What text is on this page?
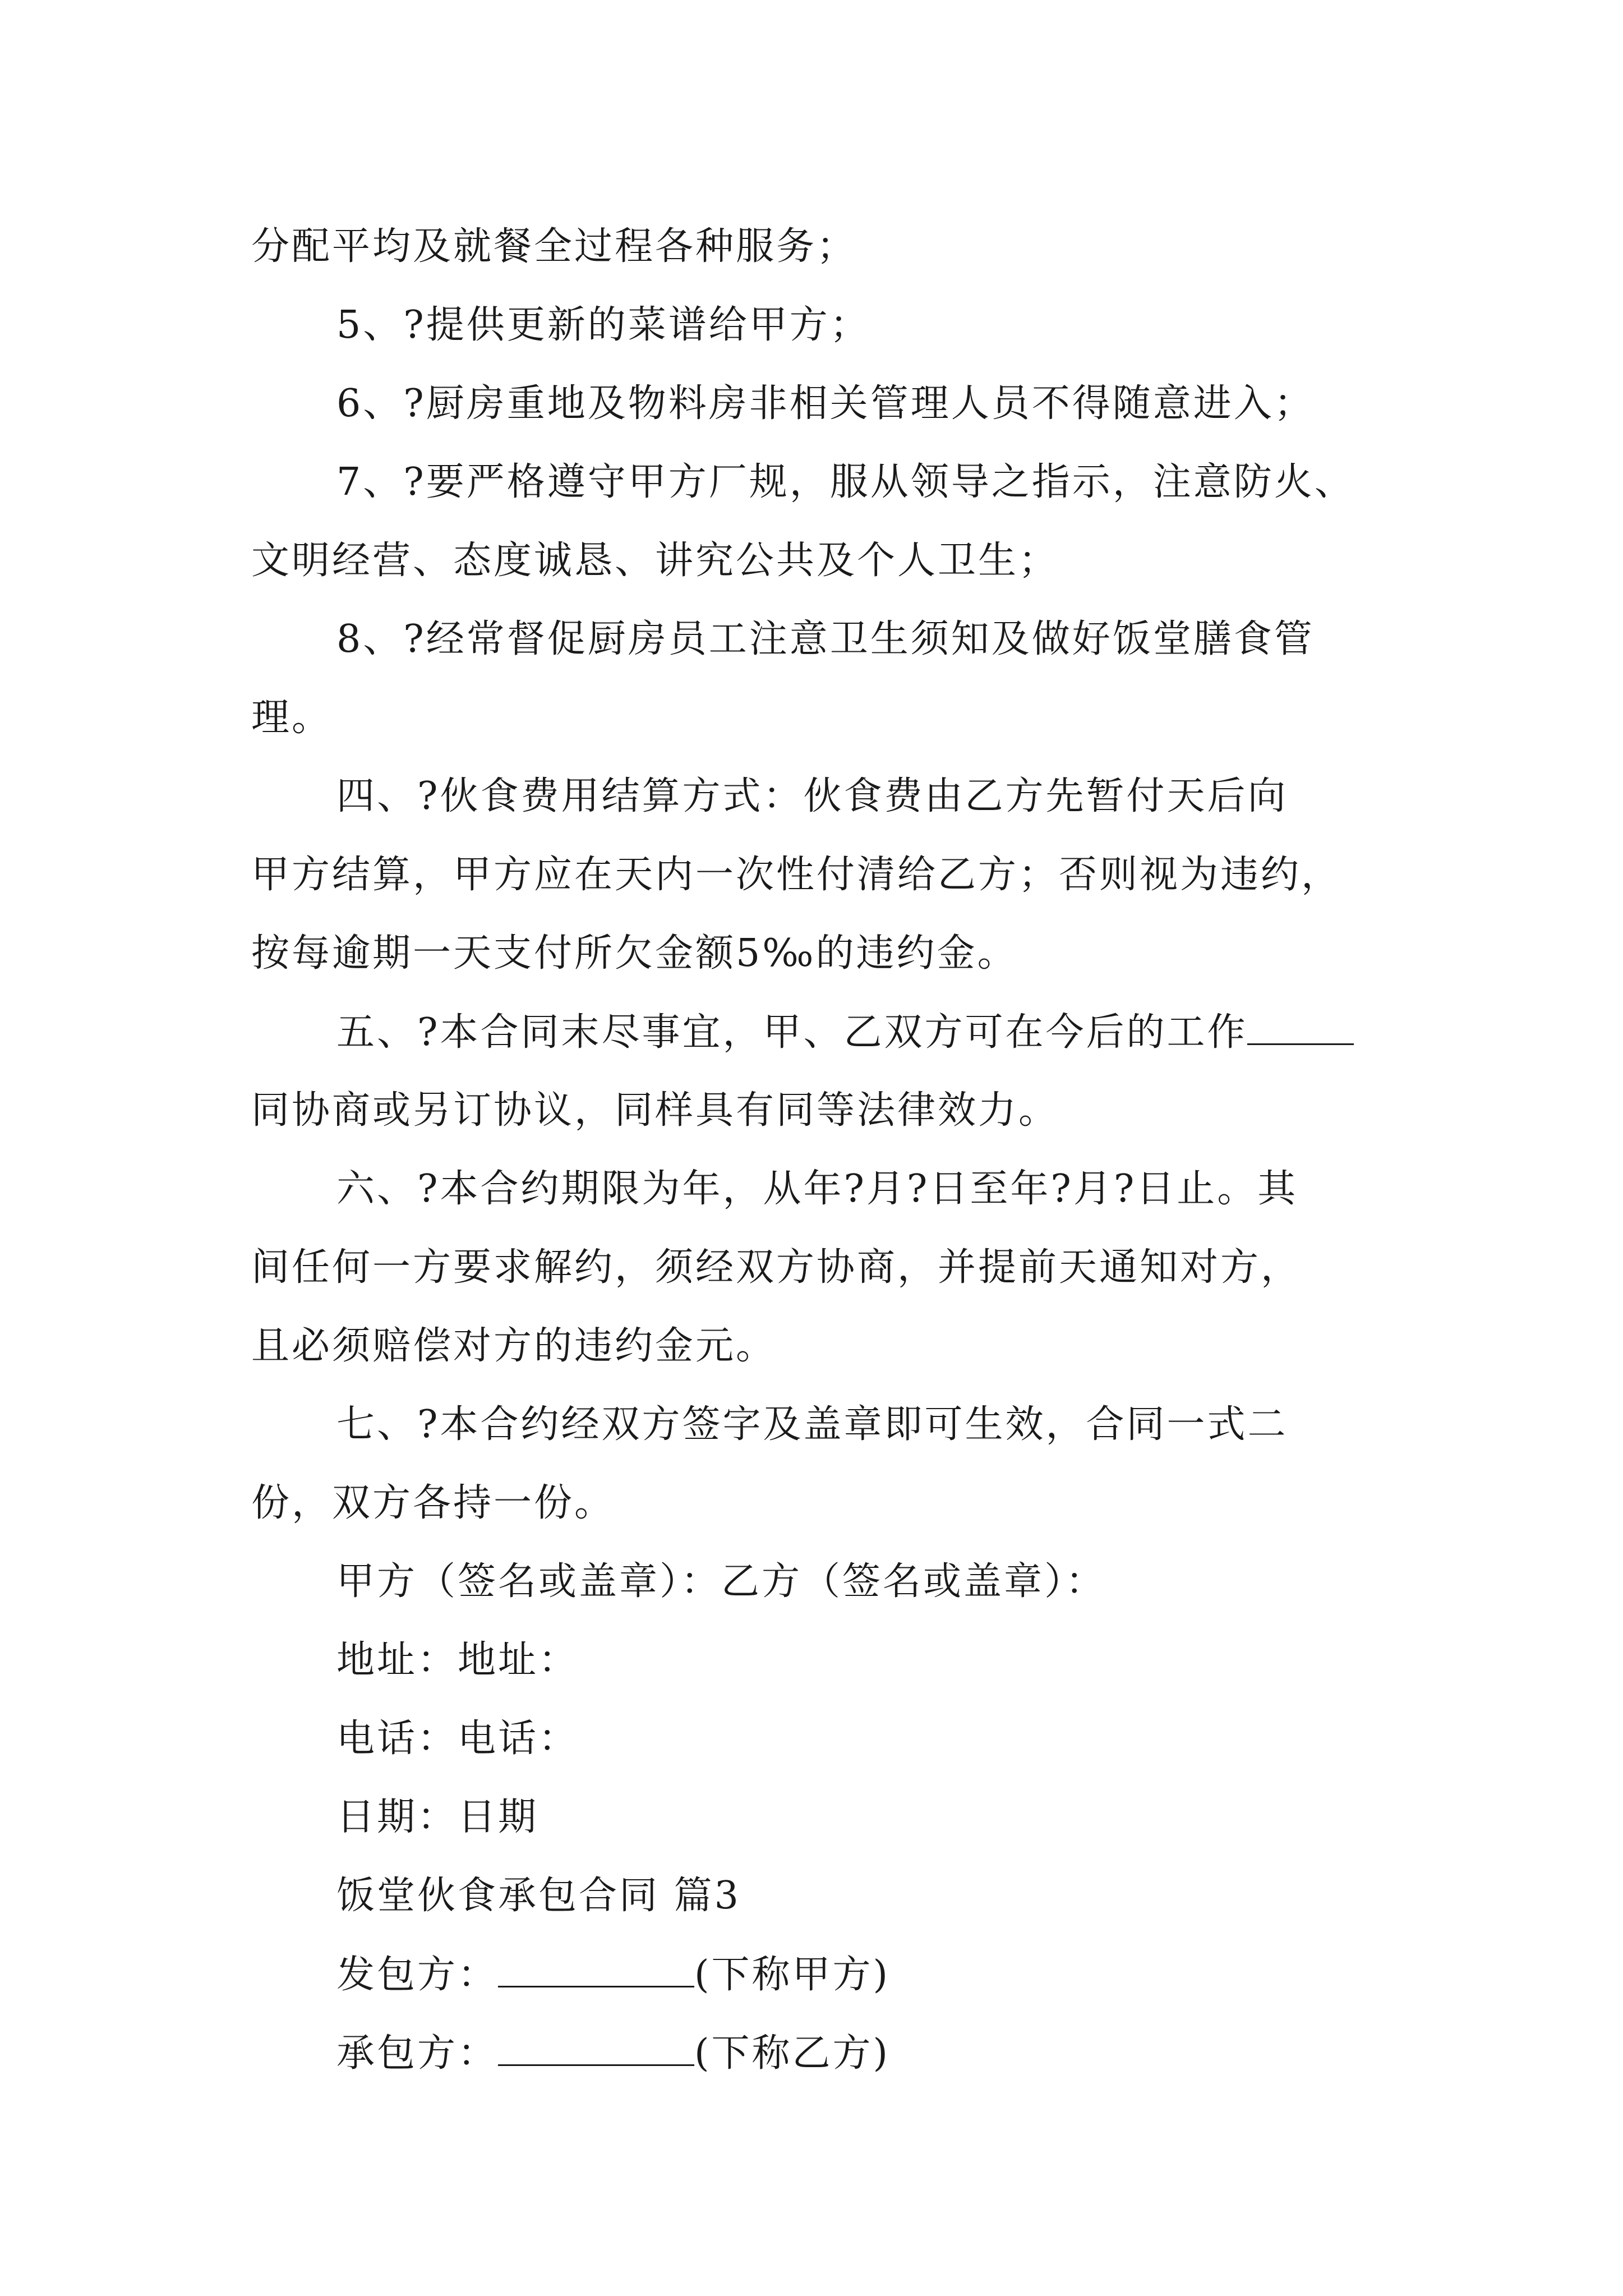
分配平均及就餐全过程各种服务；
5、?提供更新的菜谱给甲方；
6、?厨房重地及物料房非相关管理人员不得随意进入；
7、?要严格遵守甲方厂规，服从领导之指示，注意防火、
文明经营、态度诚恳、讲究公共及个人卫生；
8、?经常督促厨房员工注意卫生须知及做好饭堂膳食管
理。
四、?伙食费用结算方式：伙食费由乙方先暂付天后向
甲方结算，甲方应在天内一次性付清给乙方；否则视为违约，
按每逾期一天支付所欠金额5‰的违约金。
五、?本合同末尽事宜，甲、乙双方可在今后的工作
同协商或另订协议，同样具有同等法律效力。
六、?本合约期限为年，从年?月?日至年?月?日止。其
间任何一方要求解约，须经双方协商，并提前天通知对方，
且必须赔偿对方的违约金元。
七、?本合约经双方签字及盖章即可生效，合同一式二
份，双方各持一份。
甲方（签名或盖章）：乙方（签名或盖章）：
地址：地址：
电话：电话：
日期：日期
饭堂伙食承包合同 篇3
发包方：	(下称甲方)
承包方：	(下称乙方)
